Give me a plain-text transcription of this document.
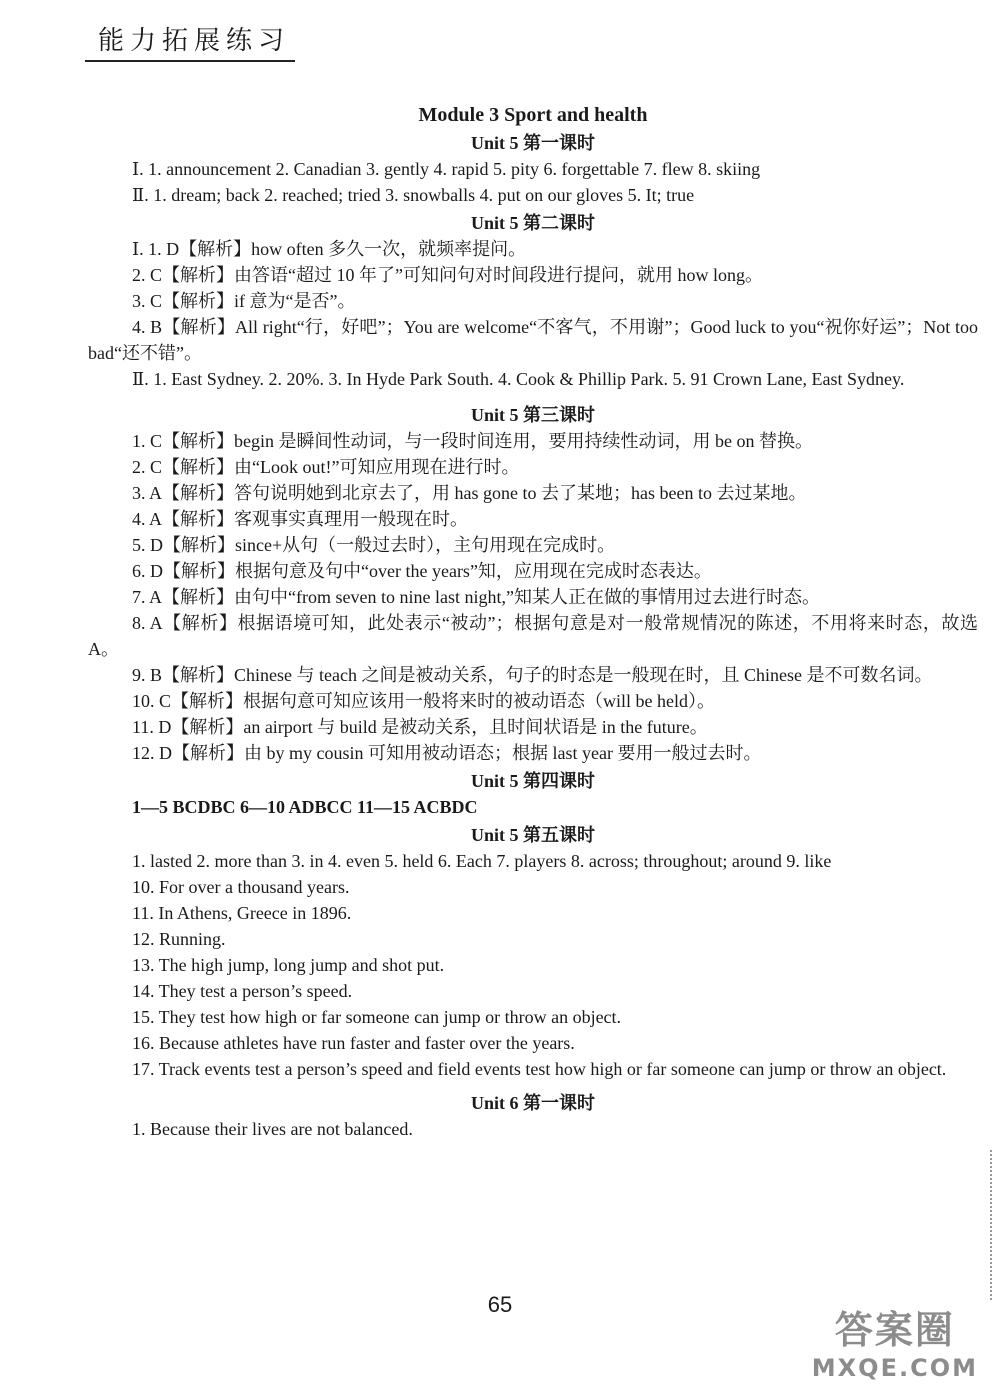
能力拓展练习
Module 3 Sport and health
Unit 5 第一课时
Ⅰ. 1. announcement 2. Canadian 3. gently 4. rapid 5. pity 6. forgettable 7. flew 8. skiing
Ⅱ. 1. dream; back 2. reached; tried 3. snowballs 4. put on our gloves 5. It; true
Unit 5 第二课时
Ⅰ. 1. D【解析】how often 多久一次，就频率提问。
2. C【解析】由答语“超过 10 年了”可知问句对时间段进行提问，就用 how long。
3. C【解析】if 意为“是否”。
4. B【解析】All right“行，好吧”；You are welcome“不客气，不用谢”；Good luck to you“祝你好运”；Not too bad“还不错”。
Ⅱ. 1. East Sydney. 2. 20%. 3. In Hyde Park South. 4. Cook & Phillip Park. 5. 91 Crown Lane, East Sydney.
Unit 5 第三课时
1. C【解析】begin 是瞬间性动词，与一段时间连用，要用持续性动词，用 be on 替换。
2. C【解析】由“Look out!”可知应用现在进行时。
3. A【解析】答句说明她到北京去了，用 has gone to 去了某地；has been to 去过某地。
4. A【解析】客观事实真理用一般现在时。
5. D【解析】since+从句（一般过去时），主句用现在完成时。
6. D【解析】根据句意及句中“over the years”知，应用现在完成时态表达。
7. A【解析】由句中“from seven to nine last night,”知某人正在做的事情用过去进行时态。
8. A【解析】根据语境可知，此处表示“被动”；根据句意是对一般常规情况的陈述，不用将来时态，故选 A。
9. B【解析】Chinese 与 teach 之间是被动关系，句子的时态是一般现在时，且 Chinese 是不可数名词。
10. C【解析】根据句意可知应该用一般将来时的被动语态（will be held）。
11. D【解析】an airport 与 build 是被动关系，且时间状语是 in the future。
12. D【解析】由 by my cousin 可知用被动语态；根据 last year 要用一般过去时。
Unit 5 第四课时
1—5 BCDBC 6—10 ADBCC 11—15 ACBDC
Unit 5 第五课时
1. lasted 2. more than 3. in 4. even 5. held 6. Each 7. players 8. across; throughout; around 9. like
10. For over a thousand years.
11. In Athens, Greece in 1896.
12. Running.
13. The high jump, long jump and shot put.
14. They test a person’s speed.
15. They test how high or far someone can jump or throw an object.
16. Because athletes have run faster and faster over the years.
17. Track events test a person’s speed and field events test how high or far someone can jump or throw an object.
Unit 6 第一课时
1. Because their lives are not balanced.
65
答案圈
MXQE.COM
